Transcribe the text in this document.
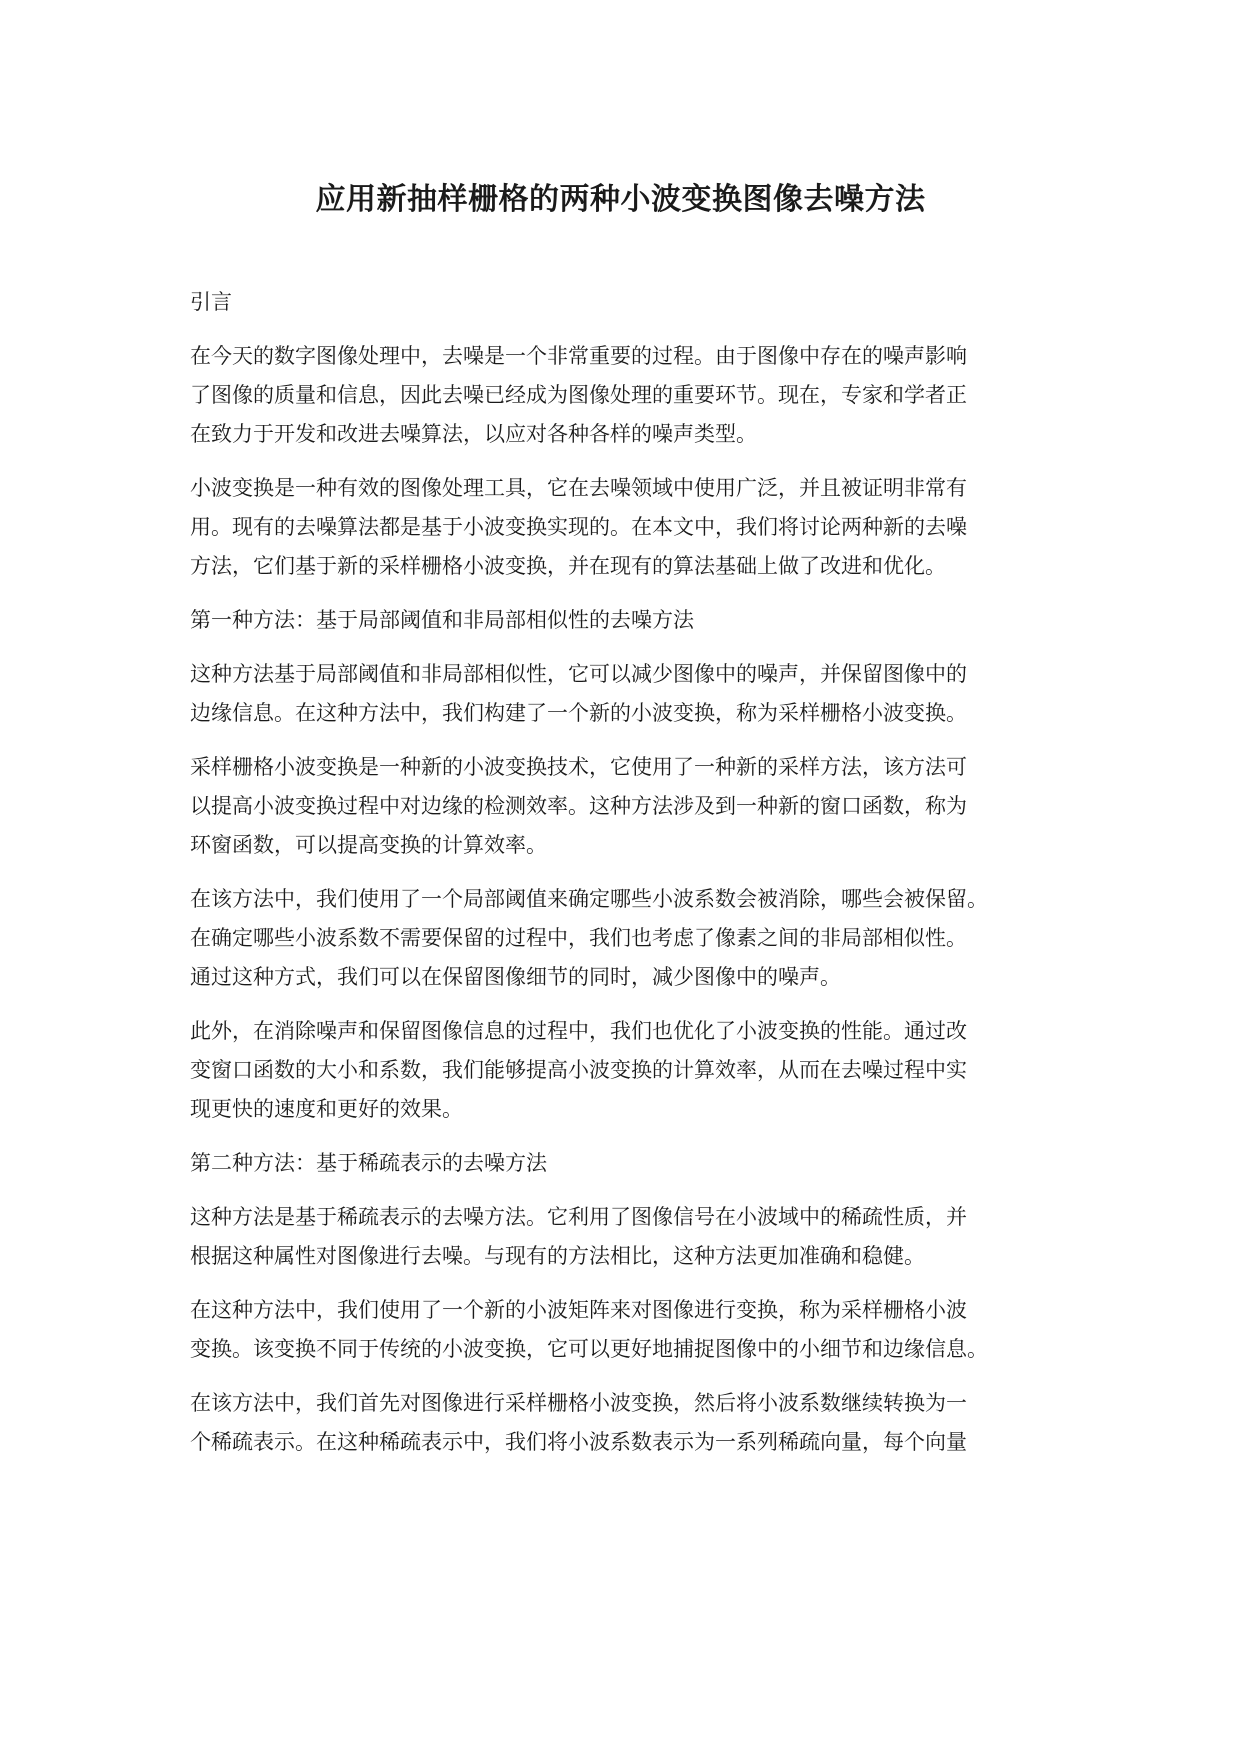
应用新抽样栅格的两种小波变换图像去噪方法
引言
在今天的数字图像处理中，去噪是一个非常重要的过程。由于图像中存在的噪声影响
了图像的质量和信息，因此去噪已经成为图像处理的重要环节。现在，专家和学者正
在致力于开发和改进去噪算法，以应对各种各样的噪声类型。
小波变换是一种有效的图像处理工具，它在去噪领域中使用广泛，并且被证明非常有
用。现有的去噪算法都是基于小波变换实现的。在本文中，我们将讨论两种新的去噪
方法，它们基于新的采样栅格小波变换，并在现有的算法基础上做了改进和优化。
第一种方法：基于局部阈值和非局部相似性的去噪方法
这种方法基于局部阈值和非局部相似性，它可以减少图像中的噪声，并保留图像中的
边缘信息。在这种方法中，我们构建了一个新的小波变换，称为采样栅格小波变换。
采样栅格小波变换是一种新的小波变换技术，它使用了一种新的采样方法，该方法可
以提高小波变换过程中对边缘的检测效率。这种方法涉及到一种新的窗口函数，称为
环窗函数，可以提高变换的计算效率。
在该方法中，我们使用了一个局部阈值来确定哪些小波系数会被消除，哪些会被保留。
在确定哪些小波系数不需要保留的过程中，我们也考虑了像素之间的非局部相似性。
通过这种方式，我们可以在保留图像细节的同时，减少图像中的噪声。
此外，在消除噪声和保留图像信息的过程中，我们也优化了小波变换的性能。通过改
变窗口函数的大小和系数，我们能够提高小波变换的计算效率，从而在去噪过程中实
现更快的速度和更好的效果。
第二种方法：基于稀疏表示的去噪方法
这种方法是基于稀疏表示的去噪方法。它利用了图像信号在小波域中的稀疏性质，并
根据这种属性对图像进行去噪。与现有的方法相比，这种方法更加准确和稳健。
在这种方法中，我们使用了一个新的小波矩阵来对图像进行变换，称为采样栅格小波
变换。该变换不同于传统的小波变换，它可以更好地捕捉图像中的小细节和边缘信息。
在该方法中，我们首先对图像进行采样栅格小波变换，然后将小波系数继续转换为一
个稀疏表示。在这种稀疏表示中，我们将小波系数表示为一系列稀疏向量，每个向量
